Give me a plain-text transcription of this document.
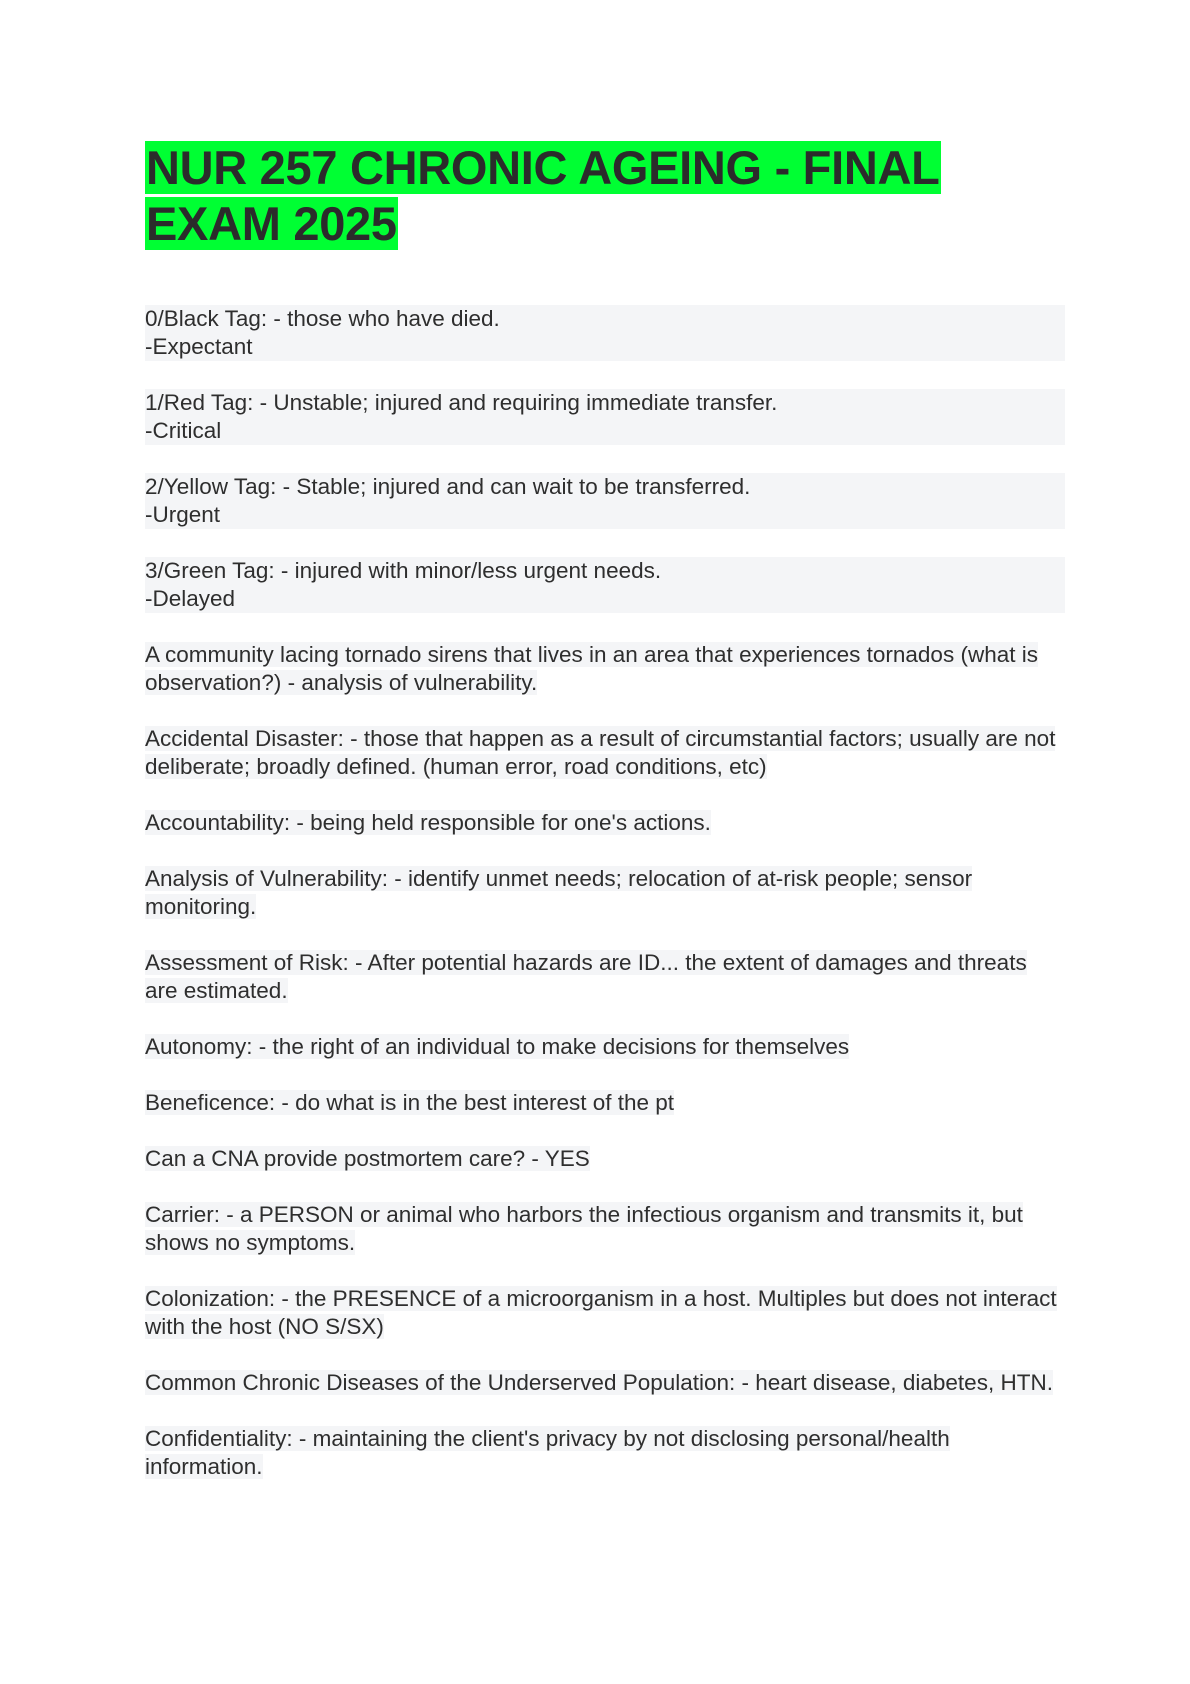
NUR 257 CHRONIC AGEING - FINAL EXAM 2025
0/Black Tag: - those who have died.
-Expectant
1/Red Tag: - Unstable; injured and requiring immediate transfer.
-Critical
2/Yellow Tag: - Stable; injured and can wait to be transferred.
-Urgent
3/Green Tag: - injured with minor/less urgent needs.
-Delayed
A community lacing tornado sirens that lives in an area that experiences tornados (what is observation?) - analysis of vulnerability.
Accidental Disaster: - those that happen as a result of circumstantial factors; usually are not deliberate; broadly defined. (human error, road conditions, etc)
Accountability: - being held responsible for one's actions.
Analysis of Vulnerability: - identify unmet needs; relocation of at-risk people; sensor monitoring.
Assessment of Risk: - After potential hazards are ID... the extent of damages and threats are estimated.
Autonomy: - the right of an individual to make decisions for themselves
Beneficence: - do what is in the best interest of the pt
Can a CNA provide postmortem care? - YES
Carrier: - a PERSON or animal who harbors the infectious organism and transmits it, but shows no symptoms.
Colonization: - the PRESENCE of a microorganism in a host. Multiples but does not interact with the host (NO S/SX)
Common Chronic Diseases of the Underserved Population: - heart disease, diabetes, HTN.
Confidentiality: - maintaining the client's privacy by not disclosing personal/health information.
